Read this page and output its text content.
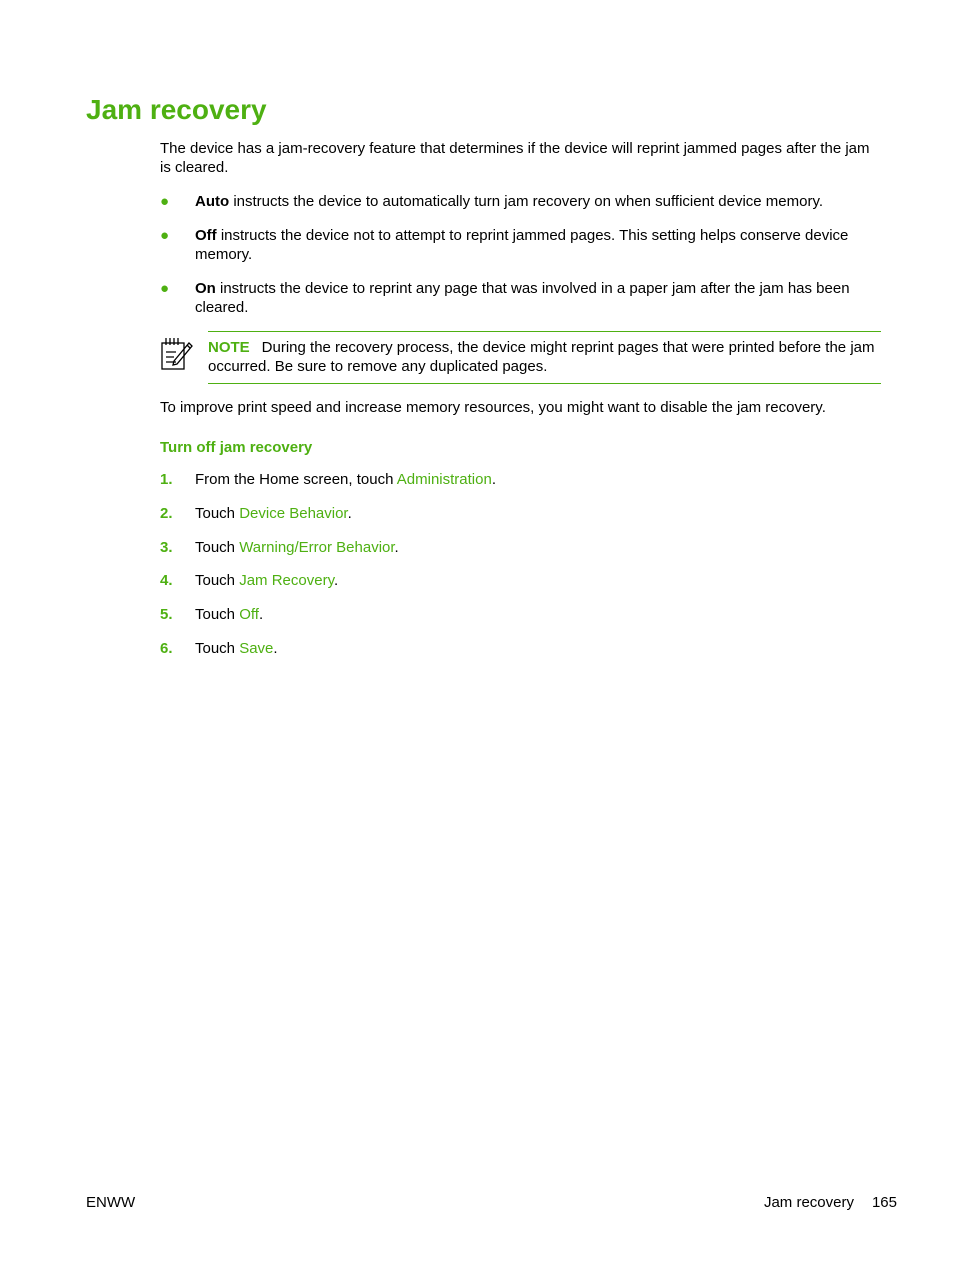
Jam recovery

The device has a jam-recovery feature that determines if the device will reprint jammed pages after the jam is cleared.

●	Auto instructs the device to automatically turn jam recovery on when sufficient device memory.
●	Off instructs the device not to attempt to reprint jammed pages. This setting helps conserve device memory.
●	On instructs the device to reprint any page that was involved in a paper jam after the jam has been cleared.
NOTE During the recovery process, the device might reprint pages that were printed before the jam occurred. Be sure to remove any duplicated pages.

To improve print speed and increase memory resources, you might want to disable the jam recovery.

Turn off jam recovery
1. From the Home screen, touch Administration.
2. Touch Device Behavior.
3. Touch Warning/Error Behavior.
4. Touch Jam Recovery.
5. Touch Off.
6. Touch Save.
ENWW	Jam recovery 165
